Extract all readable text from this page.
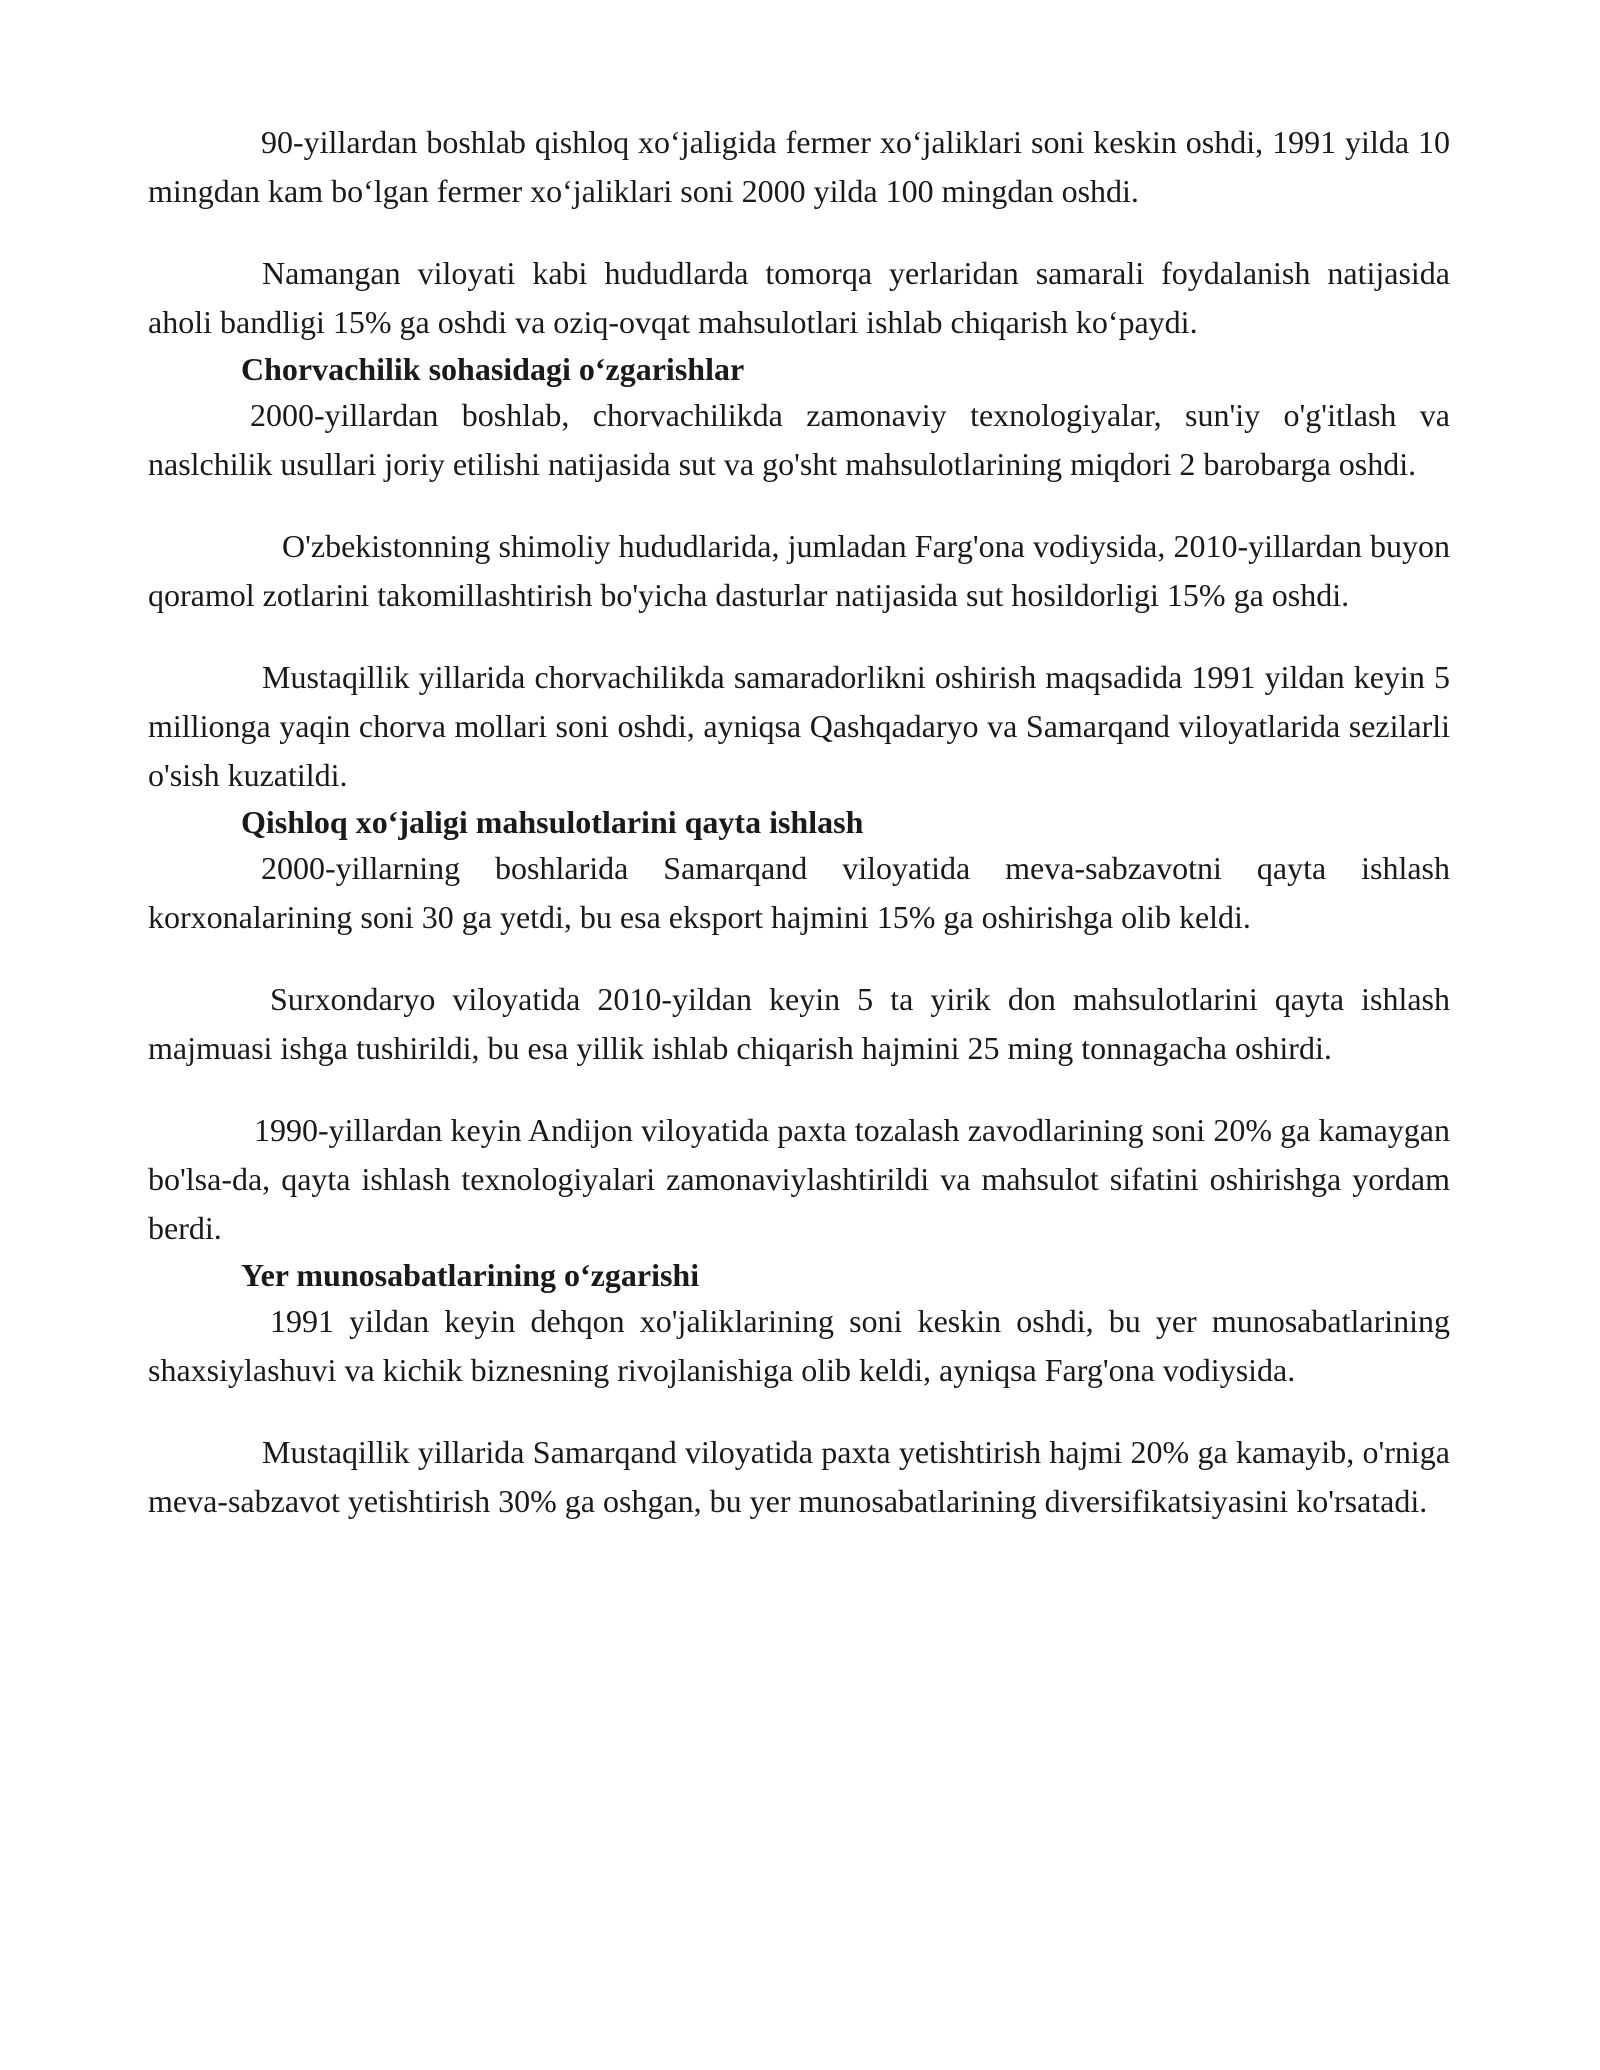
90-yillardan boshlab qishloq xo‘jaligida fermer xo‘jaliklari soni keskin oshdi, 1991 yilda 10 mingdan kam bo‘lgan fermer xo‘jaliklari soni 2000 yilda 100 mingdan oshdi.

Namangan viloyati kabi hududlarda tomorqa yerlaridan samarali foydalanish natijasida aholi bandligi 15% ga oshdi va oziq-ovqat mahsulotlari ishlab chiqarish ko‘paydi.

Chorvachilik sohasidagi o‘zgarishlar

2000-yillardan boshlab, chorvachilikda zamonaviy texnologiyalar, sun'iy o'g'itlash va naslchilik usullari joriy etilishi natijasida sut va go'sht mahsulotlarining miqdori 2 barobarga oshdi.

O'zbekistonning shimoliy hududlarida, jumladan Farg'ona vodiysida, 2010-yillardan buyon qoramol zotlarini takomillashtirish bo'yicha dasturlar natijasida sut hosildorligi 15% ga oshdi.

Mustaqillik yillarida chorvachilikda samaradorlikni oshirish maqsadida 1991 yildan keyin 5 millionga yaqin chorva mollari soni oshdi, ayniqsa Qashqadaryo va Samarqand viloyatlarida sezilarli o'sish kuzatildi.

Qishloq xo‘jaligi mahsulotlarini qayta ishlash

2000-yillarning boshlarida Samarqand viloyatida meva-sabzavotni qayta ishlash korxonalarining soni 30 ga yetdi, bu esa eksport hajmini 15% ga oshirishga olib keldi.

Surxondaryo viloyatida 2010-yildan keyin 5 ta yirik don mahsulotlarini qayta ishlash majmuasi ishga tushirildi, bu esa yillik ishlab chiqarish hajmini 25 ming tonnagacha oshirdi.

1990-yillardan keyin Andijon viloyatida paxta tozalash zavodlarining soni 20% ga kamaygan bo'lsa-da, qayta ishlash texnologiyalari zamonaviylashtirildi va mahsulot sifatini oshirishga yordam berdi.

Yer munosabatlarining o‘zgarishi

1991 yildan keyin dehqon xo'jaliklarining soni keskin oshdi, bu yer munosabatlarining shaxsiylashuvi va kichik biznesning rivojlanishiga olib keldi, ayniqsa Farg'ona vodiysida.

Mustaqillik yillarida Samarqand viloyatida paxta yetishtirish hajmi 20% ga kamayib, o'rniga meva-sabzavot yetishtirish 30% ga oshgan, bu yer munosabatlarining diversifikatsiyasini ko'rsatadi.
